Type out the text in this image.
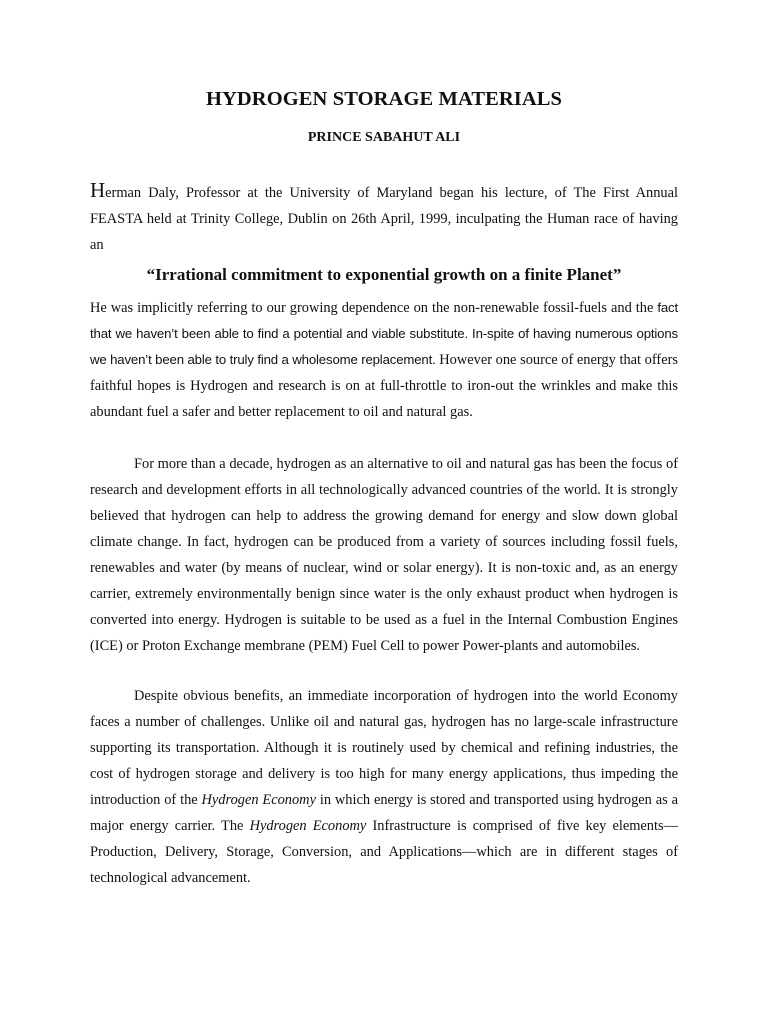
HYDROGEN STORAGE MATERIALS
PRINCE SABAHUT ALI
Herman Daly, Professor at the University of Maryland began his lecture, of The First Annual FEASTA held at Trinity College, Dublin on 26th April, 1999, inculpating the Human race of having an
“Irrational commitment to exponential growth on a finite Planet”
He was implicitly referring to our growing dependence on the non-renewable fossil-fuels and the fact that we haven’t been able to find a potential and viable substitute. In-spite of having numerous options we haven’t been able to truly find a wholesome replacement. However one source of energy that offers faithful hopes is Hydrogen and research is on at full-throttle to iron-out the wrinkles and make this abundant fuel a safer and better replacement to oil and natural gas.
For more than a decade, hydrogen as an alternative to oil and natural gas has been the focus of research and development efforts in all technologically advanced countries of the world. It is strongly believed that hydrogen can help to address the growing demand for energy and slow down global climate change. In fact, hydrogen can be produced from a variety of sources including fossil fuels, renewables and water (by means of nuclear, wind or solar energy). It is non-toxic and, as an energy carrier, extremely environmentally benign since water is the only exhaust product when hydrogen is converted into energy. Hydrogen is suitable to be used as a fuel in the Internal Combustion Engines (ICE) or Proton Exchange membrane (PEM) Fuel Cell to power Power-plants and automobiles.
Despite obvious benefits, an immediate incorporation of hydrogen into the world Economy faces a number of challenges. Unlike oil and natural gas, hydrogen has no large-scale infrastructure supporting its transportation. Although it is routinely used by chemical and refining industries, the cost of hydrogen storage and delivery is too high for many energy applications, thus impeding the introduction of the Hydrogen Economy in which energy is stored and transported using hydrogen as a major energy carrier. The Hydrogen Economy Infrastructure is comprised of five key elements—Production, Delivery, Storage, Conversion, and Applications—which are in different stages of technological advancement.
